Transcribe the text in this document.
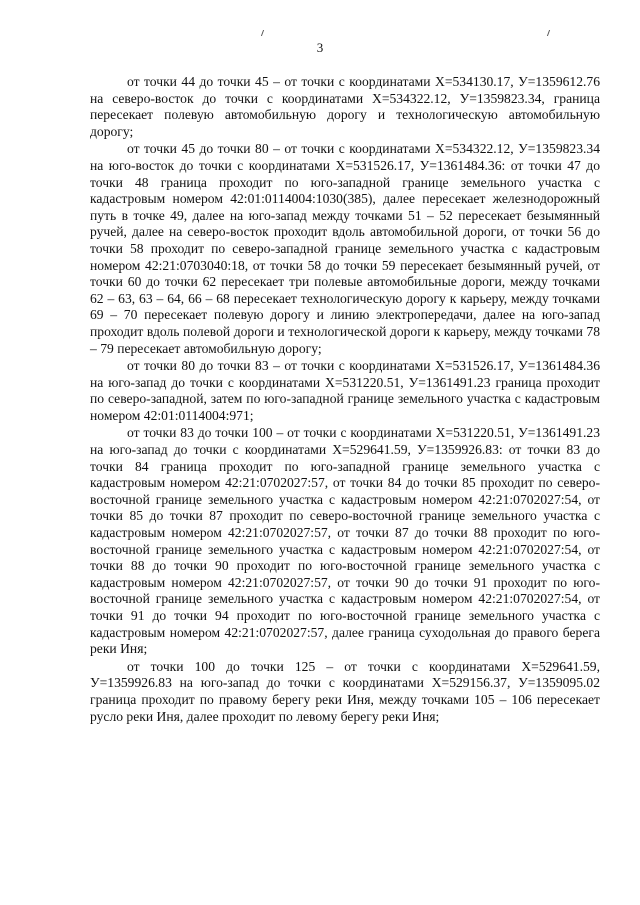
3

от точки 44 до точки 45 – от точки с координатами X=534130.17, У=1359612.76 на северо-восток до точки с координатами X=534322.12, У=1359823.34, граница пересекает полевую автомобильную дорогу и технологическую автомобильную дорогу;

от точки 45 до точки 80 – от точки с координатами X=534322.12, У=1359823.34 на юго-восток до точки с координатами X=531526.17, У=1361484.36: от точки 47 до точки 48 граница проходит по юго-западной границе земельного участка с кадастровым номером 42:01:0114004:1030(385), далее пересекает железнодорожный путь в точке 49, далее на юго-запад между точками 51 – 52 пересекает безымянный ручей, далее на северо-восток проходит вдоль автомобильной дороги, от точки 56 до точки 58 проходит по северо-западной границе земельного участка с кадастровым номером 42:21:0703040:18, от точки 58 до точки 59 пересекает безымянный ручей, от точки 60 до точки 62 пересекает три полевые автомобильные дороги, между точками 62 – 63, 63 – 64, 66 – 68 пересекает технологическую дорогу к карьеру, между точками 69 – 70 пересекает полевую дорогу и линию электропередачи, далее на юго-запад проходит вдоль полевой дороги и технологической дороги к карьеру, между точками 78 – 79 пересекает автомобильную дорогу;

от точки 80 до точки 83 – от точки с координатами X=531526.17, У=1361484.36 на юго-запад до точки с координатами X=531220.51, У=1361491.23 граница проходит по северо-западной, затем по юго-западной границе земельного участка с кадастровым номером 42:01:0114004:971;

от точки 83 до точки 100 – от точки с координатами X=531220.51, У=1361491.23 на юго-запад до точки с координатами X=529641.59, У=1359926.83: от точки 83 до точки 84 граница проходит по юго-западной границе земельного участка с кадастровым номером 42:21:0702027:57, от точки 84 до точки 85 проходит по северо-восточной границе земельного участка с кадастровым номером 42:21:0702027:54, от точки 85 до точки 87 проходит по северо-восточной границе земельного участка с кадастровым номером 42:21:0702027:57, от точки 87 до точки 88 проходит по юго-восточной границе земельного участка с кадастровым номером 42:21:0702027:54, от точки 88 до точки 90 проходит по юго-восточной границе земельного участка с кадастровым номером 42:21:0702027:57, от точки 90 до точки 91 проходит по юго-восточной границе земельного участка с кадастровым номером 42:21:0702027:54, от точки 91 до точки 94 проходит по юго-восточной границе земельного участка с кадастровым номером 42:21:0702027:57, далее граница суходольная до правого берега реки Иня;

от точки 100 до точки 125 – от точки с координатами X=529641.59, У=1359926.83 на юго-запад до точки с координатами X=529156.37, У=1359095.02 граница проходит по правому берегу реки Иня, между точками 105 – 106 пересекает русло реки Иня, далее проходит по левому берегу реки Иня;
